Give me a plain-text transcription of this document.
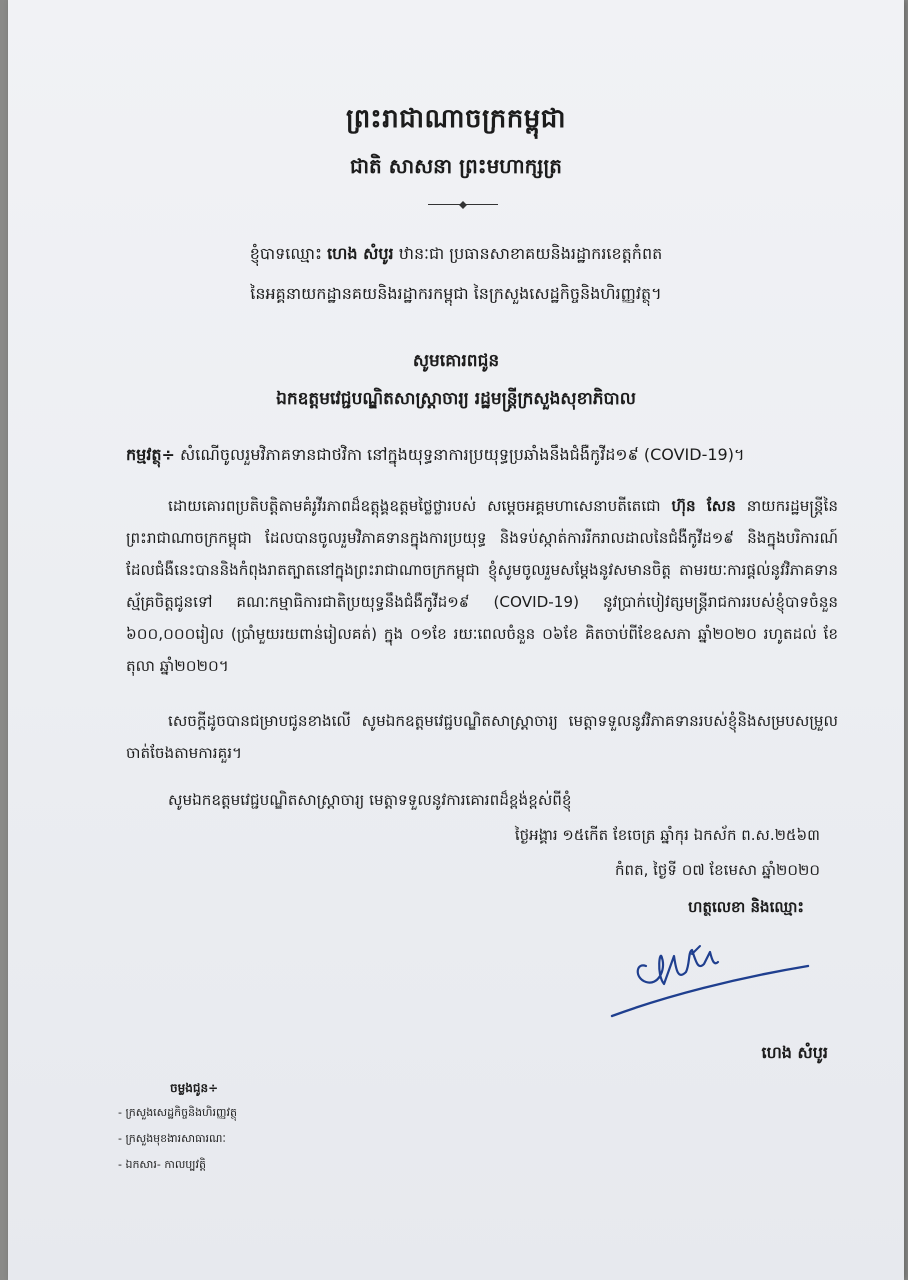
ព្រះរាជាណាចក្រកម្ពុជា
ជាតិ សាសនា ព្រះមហាក្សត្រ
ខ្ញុំបាទឈ្មោះ ហេង សំបូរ ឋានៈជា ប្រធានសាខាគយនិងរដ្ឋាករខេត្តកំពត
នៃអគ្គនាយកដ្ឋានគយនិងរដ្ឋាករកម្ពុជា នៃក្រសួងសេដ្ឋកិច្ចនិងហិរញ្ញវត្ថុ។
សូមគោរពជូន
ឯកឧត្តមវេជ្ជបណ្ឌិតសាស្ត្រាចារ្យ រដ្ឋមន្ត្រីក្រសួងសុខាភិបាល
កម្មវត្ថុ÷ សំណើចូលរួមវិភាគទានជាថវិកា នៅក្នុងយុទ្ធនាការប្រយុទ្ធប្រឆាំងនឹងជំងឺកូវីដ១៩ (COVID-19)។
ដោយគោរពប្រតិបត្តិតាមគំរូវីរភាពដ៏ឧត្តុង្គឧត្តមថ្លៃថ្លារបស់ សម្ដេចអគ្គមហាសេនាបតីតេជោ ហ៊ុន សែន នាយករដ្ឋមន្ត្រីនៃព្រះរាជាណាចក្រកម្ពុជា ដែលបានចូលរួមវិភាគទានក្នុងការប្រយុទ្ធ និងទប់ស្កាត់ការរីករាលដាលនៃជំងឺកូវីដ១៩ និងក្នុងបរិការណ៍ដែលជំងឺនេះបាននិងកំពុងរាតត្បាតនៅក្នុងព្រះរាជាណាចក្រកម្ពុជា ខ្ញុំសូមចូលរួមសម្ដែងនូវសមានចិត្ត តាមរយៈការផ្ដល់នូវវិភាគទានស្ម័គ្រចិត្តជូនទៅ គណៈកម្មាធិការជាតិប្រយុទ្ធនឹងជំងឺកូវីដ១៩ (COVID-19) នូវប្រាក់បៀវត្សមន្ត្រីរាជការរបស់ខ្ញុំបាទចំនួន ៦០០,០០០រៀល (ប្រាំមួយរយពាន់រៀលគត់) ក្នុង ០១ខែ រយៈពេលចំនួន ០៦ខែ គិតចាប់ពីខែឧសភា ឆ្នាំ២០២០ រហូតដល់ ខែតុលា ឆ្នាំ២០២០។
សេចក្ដីដូចបានជម្រាបជូនខាងលើ សូមឯកឧត្តមវេជ្ជបណ្ឌិតសាស្ត្រាចារ្យ មេត្តាទទួលនូវវិភាគទានរបស់ខ្ញុំនិងសម្របសម្រួលចាត់ចែងតាមការគួរ។
សូមឯកឧត្តមវេជ្ជបណ្ឌិតសាស្ត្រាចារ្យ មេត្តាទទួលនូវការគោរពដ៏ខ្ពង់ខ្ពស់ពីខ្ញុំ
ថ្ងៃអង្គារ ១៥កើត ខែចេត្រ ឆ្នាំកុរ ឯកស័ក ព.ស.២៥៦៣
កំពត, ថ្ងៃទី ០៧ ខែមេសា ឆ្នាំ២០២០
ហត្ថលេខា និងឈ្មោះ
ហេង សំបូរ
ចម្លងជូន÷
- ក្រសួងសេដ្ឋកិច្ចនិងហិរញ្ញវត្ថុ
- ក្រសួងមុខងារសាធារណៈ
- ឯកសារ- កាលប្បវត្តិ
